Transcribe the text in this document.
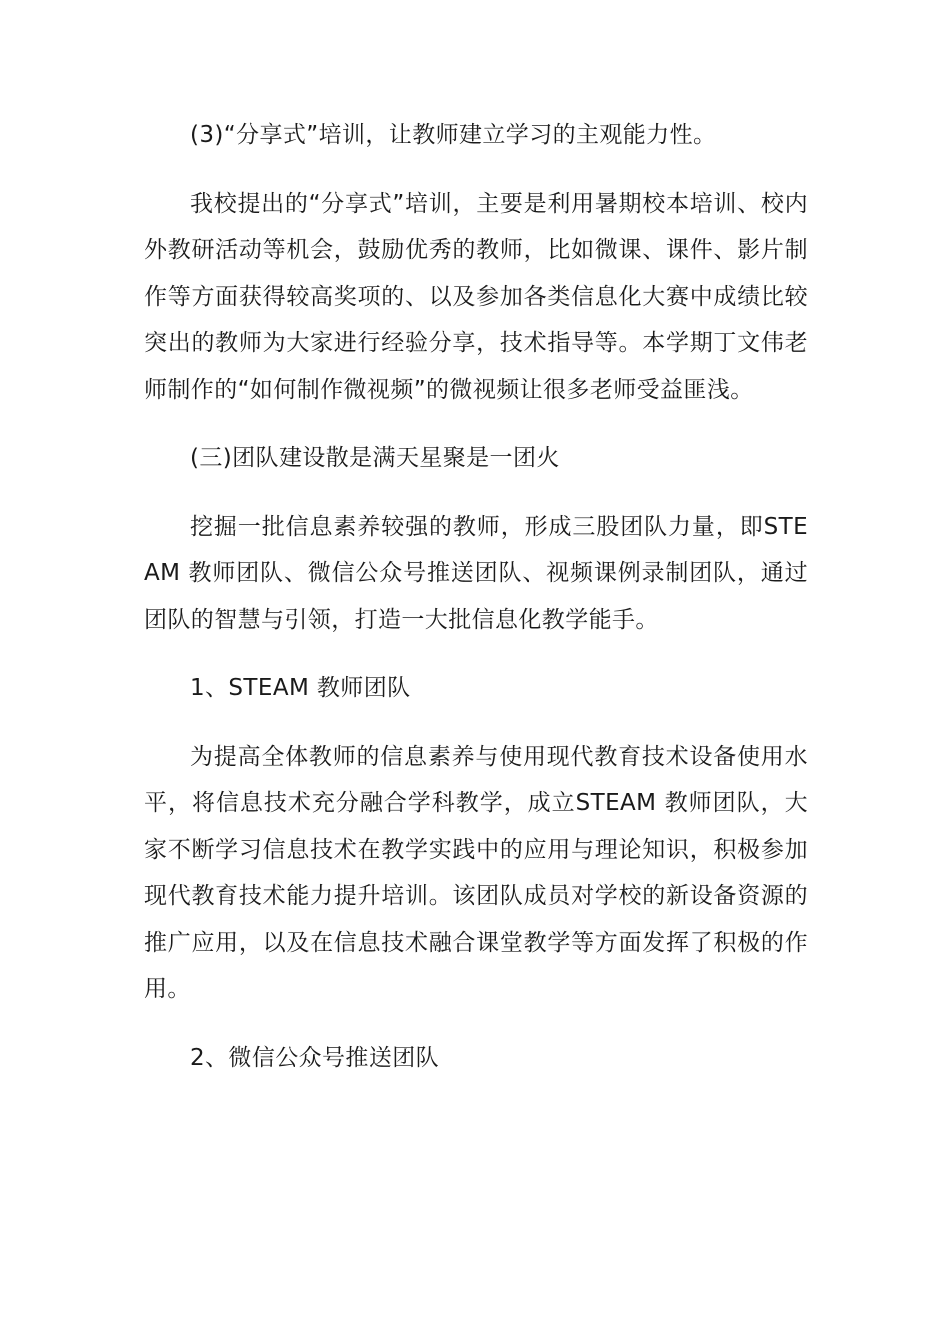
(3)“分享式”培训，让教师建立学习的主观能力性。

我校提出的“分享式”培训，主要是利用暑期校本培训、校内外教研活动等机会，鼓励优秀的教师，比如微课、课件、影片制作等方面获得较高奖项的、以及参加各类信息化大赛中成绩比较突出的教师为大家进行经验分享，技术指导等。本学期丁文伟老师制作的“如何制作微视频”的微视频让很多老师受益匪浅。

(三)团队建设散是满天星聚是一团火

挖掘一批信息素养较强的教师，形成三股团队力量，即STEAM 教师团队、微信公众号推送团队、视频课例录制团队，通过团队的智慧与引领，打造一大批信息化教学能手。

1、STEAM 教师团队

为提高全体教师的信息素养与使用现代教育技术设备使用水平，将信息技术充分融合学科教学，成立STEAM 教师团队，大家不断学习信息技术在教学实践中的应用与理论知识，积极参加现代教育技术能力提升培训。该团队成员对学校的新设备资源的推广应用，以及在信息技术融合课堂教学等方面发挥了积极的作用。

2、微信公众号推送团队
